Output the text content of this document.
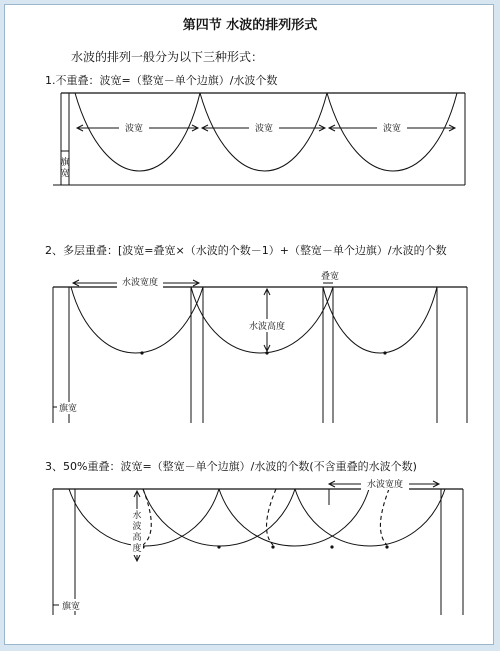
第四节 水波的排列形式
水波的排列一般分为以下三种形式：
1.不重叠：波宽=（整宽－单个边旗）/水波个数
波宽	波宽	波宽
旗
宽
2、多层重叠：[波宽=叠宽×（水波的个数－1）+（整宽－单个边旗）/水波的个数
水波宽度
叠宽
水波高度
旗宽
3、50%重叠：波宽=（整宽－单个边旗）/水波的个数(不含重叠的水波个数)
水波宽度
水
波
高
度
旗宽
